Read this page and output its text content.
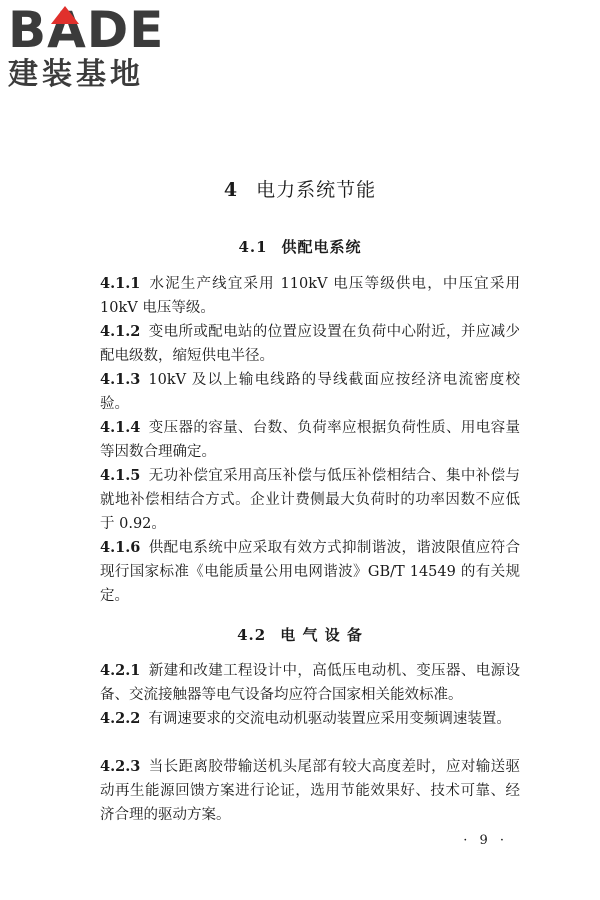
BADE
建装基地
4 电力系统节能
4.1 供配电系统
4.1.1 水泥生产线宜采用 110kV 电压等级供电，中压宜采用 10kV 电压等级。
4.1.2 变电所或配电站的位置应设置在负荷中心附近，并应减少配电级数，缩短供电半径。
4.1.3 10kV 及以上输电线路的导线截面应按经济电流密度校验。
4.1.4 变压器的容量、台数、负荷率应根据负荷性质、用电容量等因数合理确定。
4.1.5 无功补偿宜采用高压补偿与低压补偿相结合、集中补偿与就地补偿相结合方式。企业计费侧最大负荷时的功率因数不应低于 0.92。
4.1.6 供配电系统中应采取有效方式抑制谐波，谐波限值应符合现行国家标准《电能质量公用电网谐波》GB/T 14549 的有关规定。
4.2 电 气 设 备
4.2.1 新建和改建工程设计中，高低压电动机、变压器、电源设备、交流接触器等电气设备均应符合国家相关能效标准。
4.2.2 有调速要求的交流电动机驱动装置应采用变频调速装置。
4.2.3 当长距离胶带输送机头尾部有较大高度差时，应对输送驱动再生能源回馈方案进行论证，选用节能效果好、技术可靠、经济合理的驱动方案。
· 9 ·
